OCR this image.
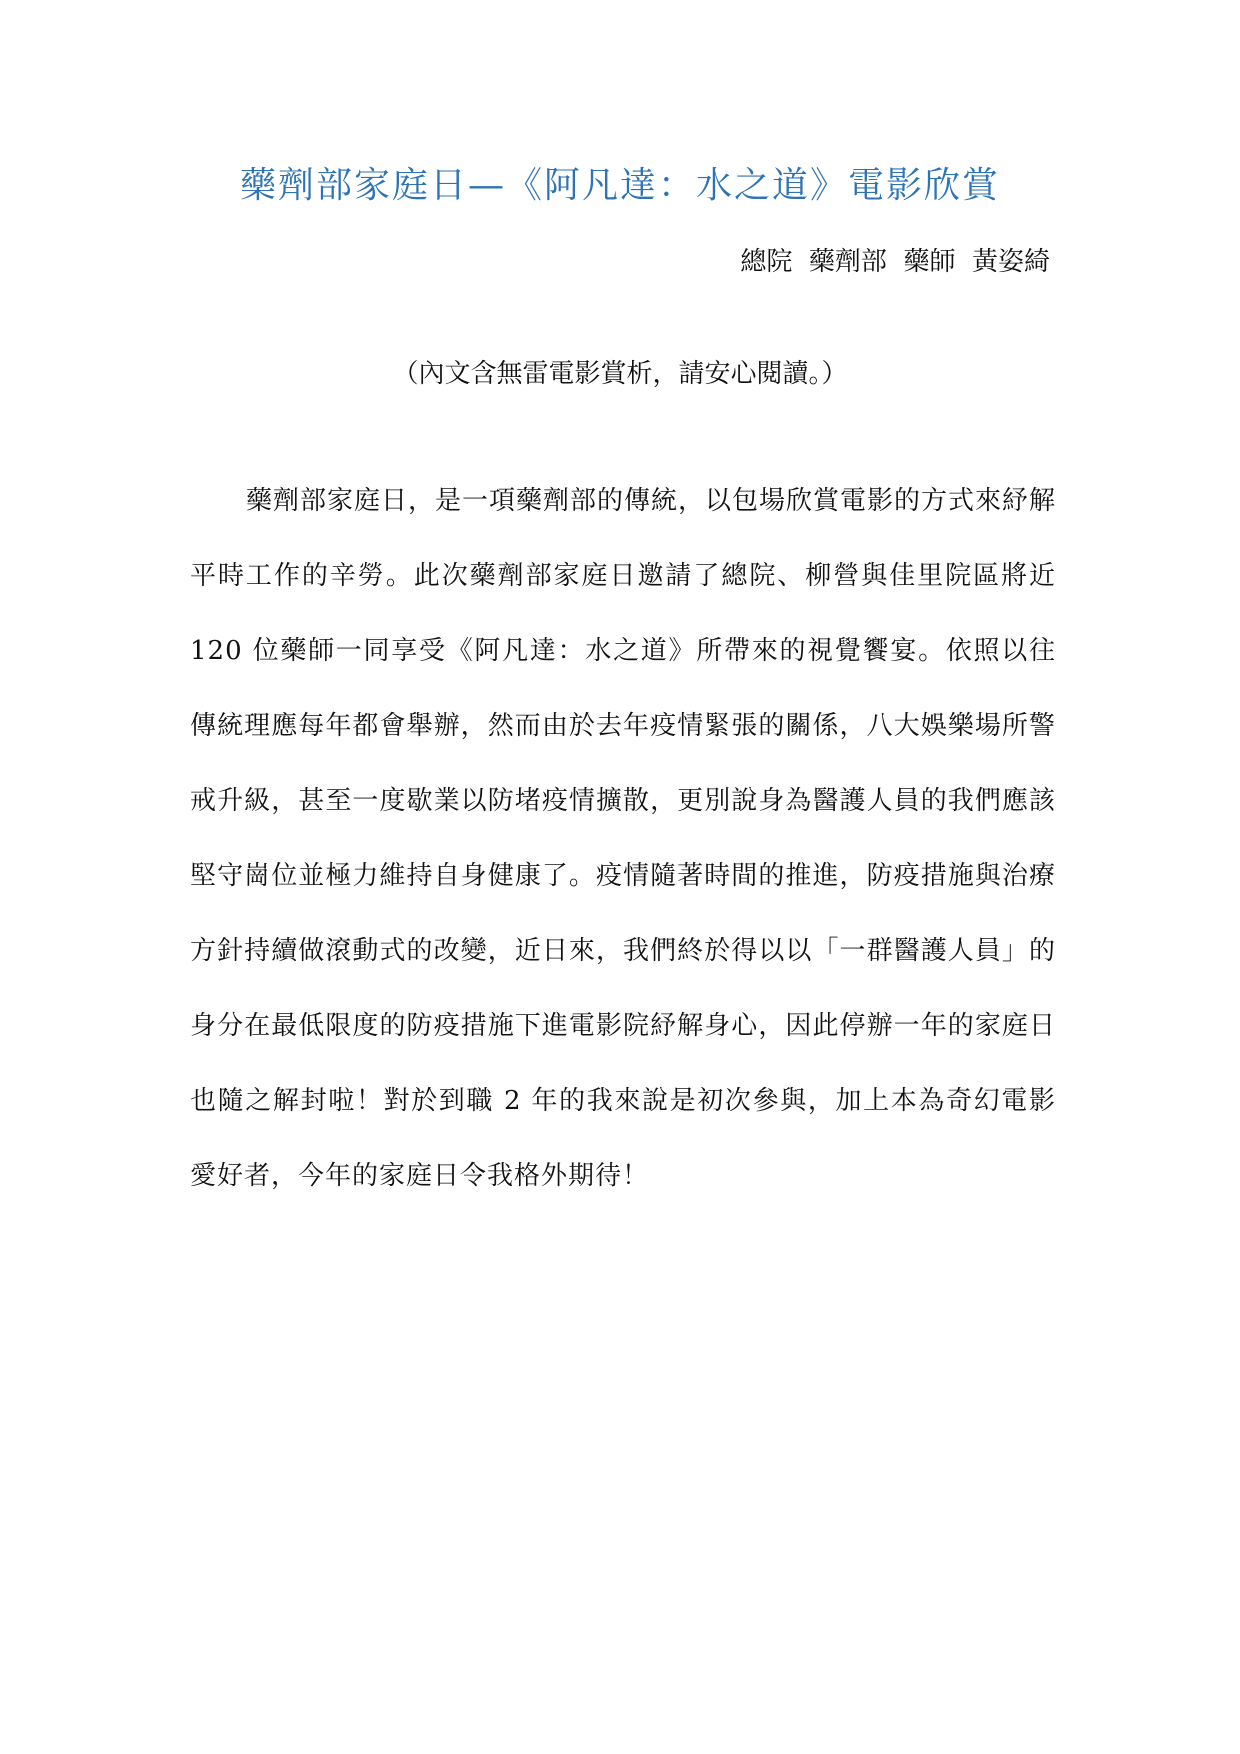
藥劑部家庭日—《阿凡達：水之道》電影欣賞
總院  藥劑部  藥師  黃姿綺
（內文含無雷電影賞析，請安心閱讀。）

藥劑部家庭日，是一項藥劑部的傳統，以包場欣賞電影的方式來紓解平時工作的辛勞。此次藥劑部家庭日邀請了總院、柳營與佳里院區將近 120 位藥師一同享受《阿凡達：水之道》所帶來的視覺饗宴。依照以往傳統理應每年都會舉辦，然而由於去年疫情緊張的關係，八大娛樂場所警戒升級，甚至一度歇業以防堵疫情擴散，更別說身為醫護人員的我們應該堅守崗位並極力維持自身健康了。疫情隨著時間的推進，防疫措施與治療方針持續做滾動式的改變，近日來，我們終於得以以「一群醫護人員」的身分在最低限度的防疫措施下進電影院紓解身心，因此停辦一年的家庭日也隨之解封啦！對於到職 2 年的我來說是初次參與，加上本為奇幻電影愛好者，今年的家庭日令我格外期待！
